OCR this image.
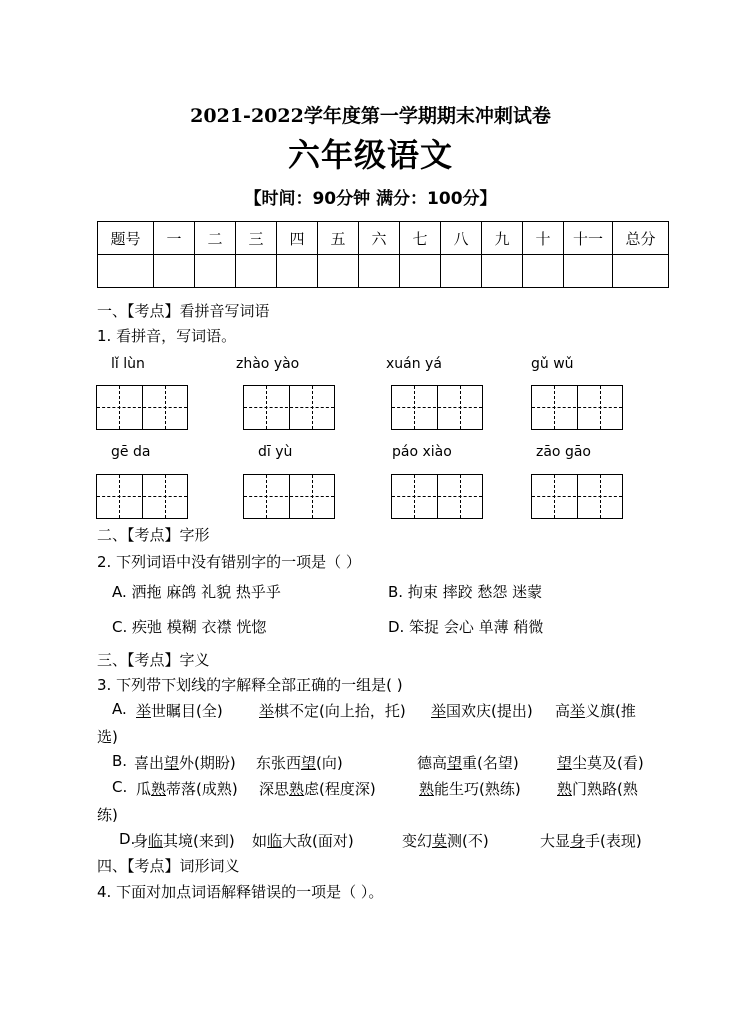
2021-2022学年度第一学期期末冲刺试卷
六年级语文
【时间：90分钟 满分：100分】
题号	一	二	三	四	五	六	七	八	九	十	十一	总分

一、【考点】看拼音写词语
1. 看拼音，写词语。
lǐ lùn	zhào yào	xuán yá	gǔ wǔ
gē da	dī yù	páo xiào	zāo gāo
二、【考点】字形
2. 下列词语中没有错别字的一项是（ ）
A. 洒拖 麻鸽 礼貌 热乎乎	B. 拘束 摔跤 愁怨 迷蒙
C. 疾弛 模糊 衣襟 恍惚	D. 笨捉 会心 单薄 稍微
三、【考点】字义
3. 下列带下划线的字解释全部正确的一组是( )
A. 举世瞩目(全) 举棋不定(向上抬，托) 举国欢庆(提出) 高举义旗(推
选)
B. 喜出望外(期盼) 东张西望(向)	德高望重(名望)	望尘莫及(看)
C. 瓜熟蒂落(成熟) 深思熟虑(程度深)	熟能生巧(熟练) 熟门熟路(熟
练)
D.
身临其境(来到) 如临大敌(面对)	变幻莫测(不)	大显身手(表现)
四、【考点】词形词义
4. 下面对加点词语解释错误的一项是（ ）。
